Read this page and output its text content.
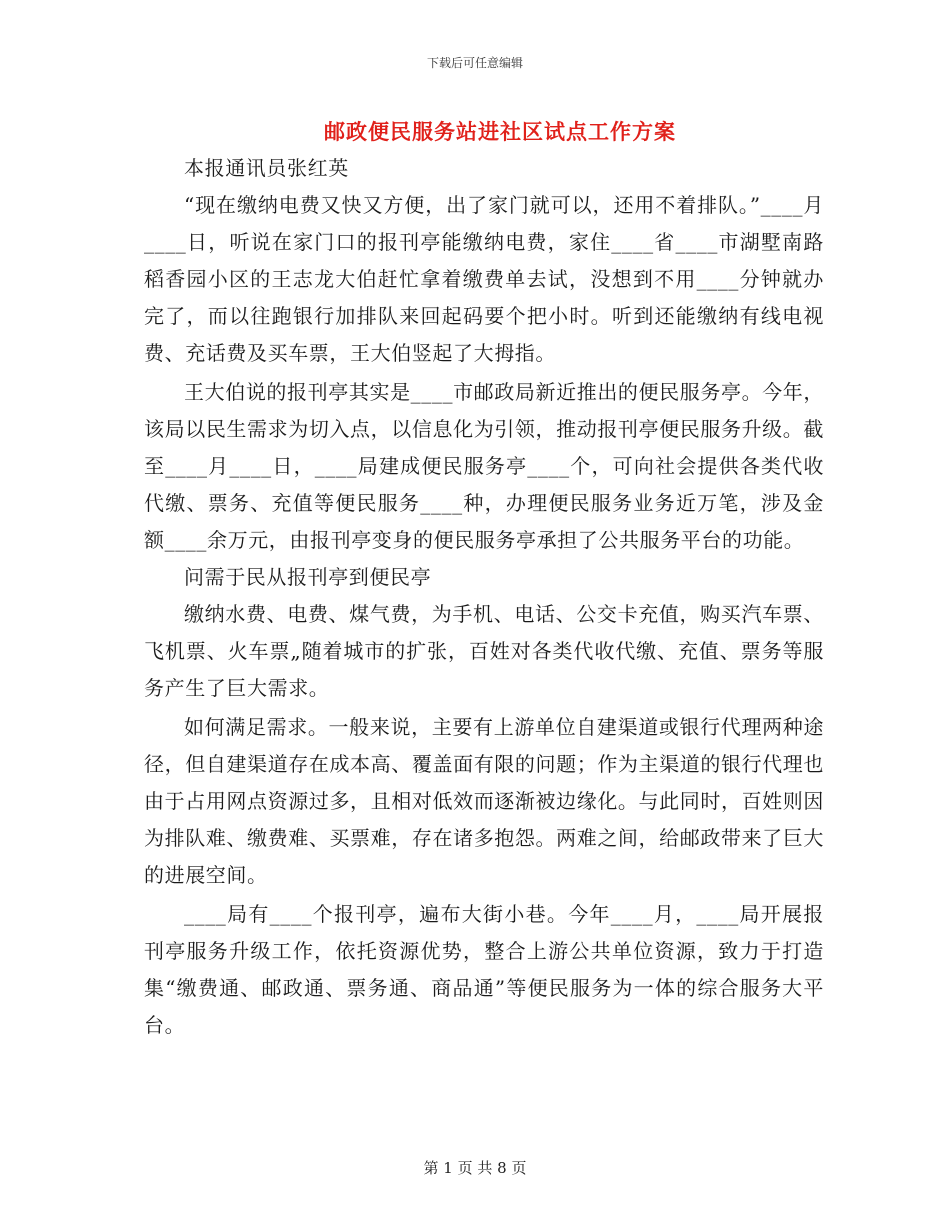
下载后可任意编辑
邮政便民服务站进社区试点工作方案

本报通讯员张红英

“现在缴纳电费又快又方便，出了家门就可以，还用不着排队。”____月____日，听说在家门口的报刊亭能缴纳电费，家住____省____市湖墅南路稻香园小区的王志龙大伯赶忙拿着缴费单去试，没想到不用____分钟就办完了，而以往跑银行加排队来回起码要个把小时。听到还能缴纳有线电视费、充话费及买车票，王大伯竖起了大拇指。

王大伯说的报刊亭其实是____市邮政局新近推出的便民服务亭。今年，该局以民生需求为切入点，以信息化为引领，推动报刊亭便民服务升级。截至____月____日，____局建成便民服务亭____个，可向社会提供各类代收代缴、票务、充值等便民服务____种，办理便民服务业务近万笔，涉及金额____余万元，由报刊亭变身的便民服务亭承担了公共服务平台的功能。

问需于民从报刊亭到便民亭

缴纳水费、电费、煤气费，为手机、电话、公交卡充值，购买汽车票、飞机票、火车票„随着城市的扩张，百姓对各类代收代缴、充值、票务等服务产生了巨大需求。

如何满足需求。一般来说，主要有上游单位自建渠道或银行代理两种途径，但自建渠道存在成本高、覆盖面有限的问题；作为主渠道的银行代理也由于占用网点资源过多，且相对低效而逐渐被边缘化。与此同时，百姓则因为排队难、缴费难、买票难，存在诸多抱怨。两难之间，给邮政带来了巨大的进展空间。

____局有____个报刊亭，遍布大街小巷。今年____月，____局开展报刊亭服务升级工作，依托资源优势，整合上游公共单位资源，致力于打造集“缴费通、邮政通、票务通、商品通”等便民服务为一体的综合服务大平台。

第 1 页 共 8 页
